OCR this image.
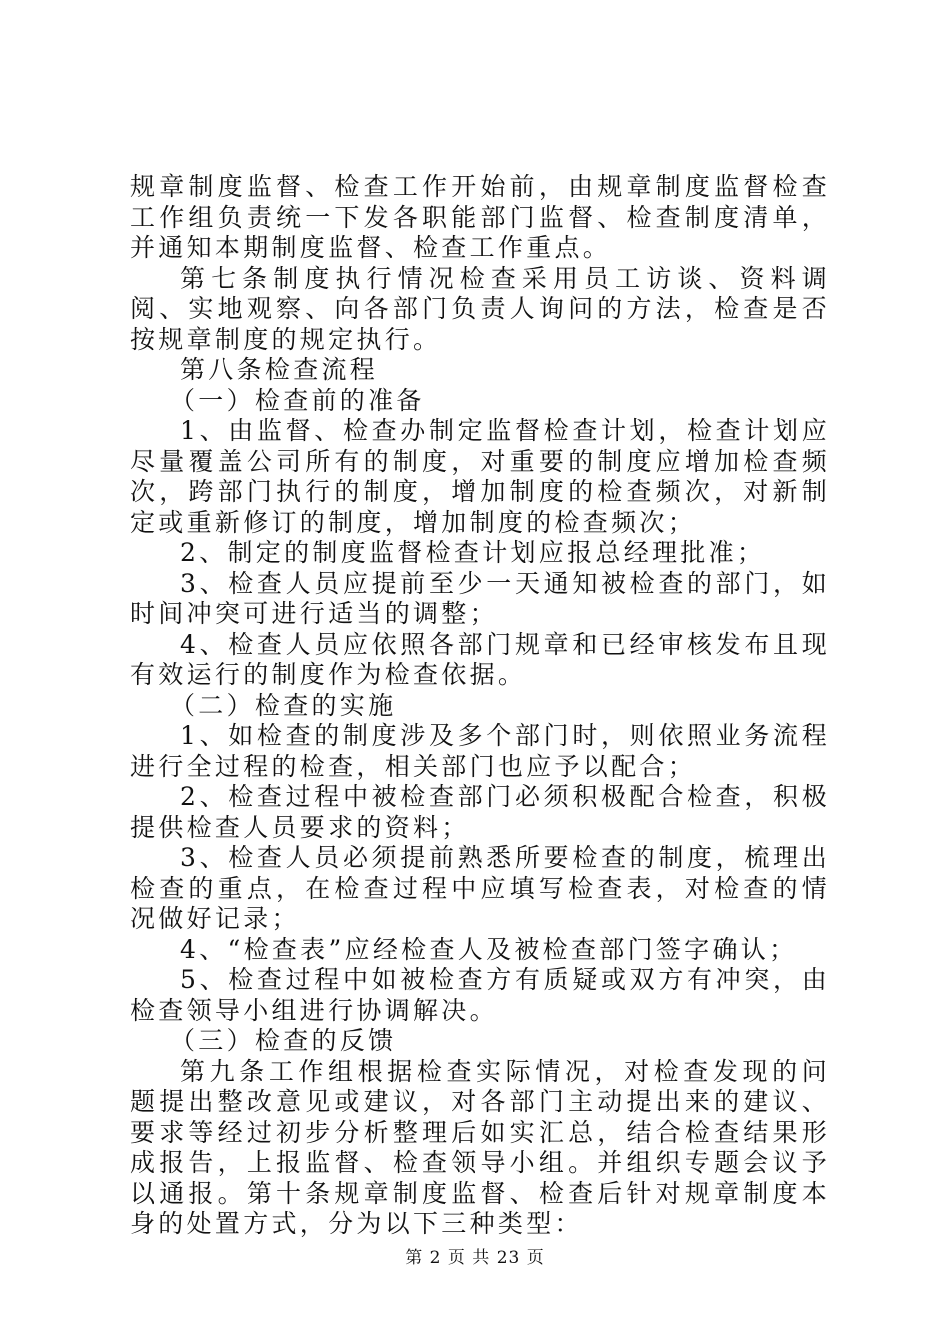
规章制度监督、检查工作开始前，由规章制度监督检查工作组负责统一下发各职能部门监督、检查制度清单，并通知本期制度监督、检查工作重点。

第七条制度执行情况检查采用员工访谈、资料调阅、实地观察、向各部门负责人询问的方法，检查是否按规章制度的规定执行。

第八条检查流程

（一）检查前的准备

1、由监督、检查办制定监督检查计划，检查计划应尽量覆盖公司所有的制度，对重要的制度应增加检查频次，跨部门执行的制度，增加制度的检查频次，对新制定或重新修订的制度，增加制度的检查频次；

2、制定的制度监督检查计划应报总经理批准；

3、检查人员应提前至少一天通知被检查的部门，如时间冲突可进行适当的调整；

4、检查人员应依照各部门规章和已经审核发布且现有效运行的制度作为检查依据。

（二）检查的实施

1、如检查的制度涉及多个部门时，则依照业务流程进行全过程的检查，相关部门也应予以配合；

2、检查过程中被检查部门必须积极配合检查，积极提供检查人员要求的资料；

3、检查人员必须提前熟悉所要检查的制度，梳理出检查的重点，在检查过程中应填写检查表，对检查的情况做好记录；

4、“检查表”应经检查人及被检查部门签字确认；

5、检查过程中如被检查方有质疑或双方有冲突，由检查领导小组进行协调解决。

（三）检查的反馈

第九条工作组根据检查实际情况，对检查发现的问题提出整改意见或建议，对各部门主动提出来的建议、要求等经过初步分析整理后如实汇总，结合检查结果形成报告，上报监督、检查领导小组。并组织专题会议予以通报。第十条规章制度监督、检查后针对规章制度本身的处置方式，分为以下三种类型：

第 2 页 共 23 页
